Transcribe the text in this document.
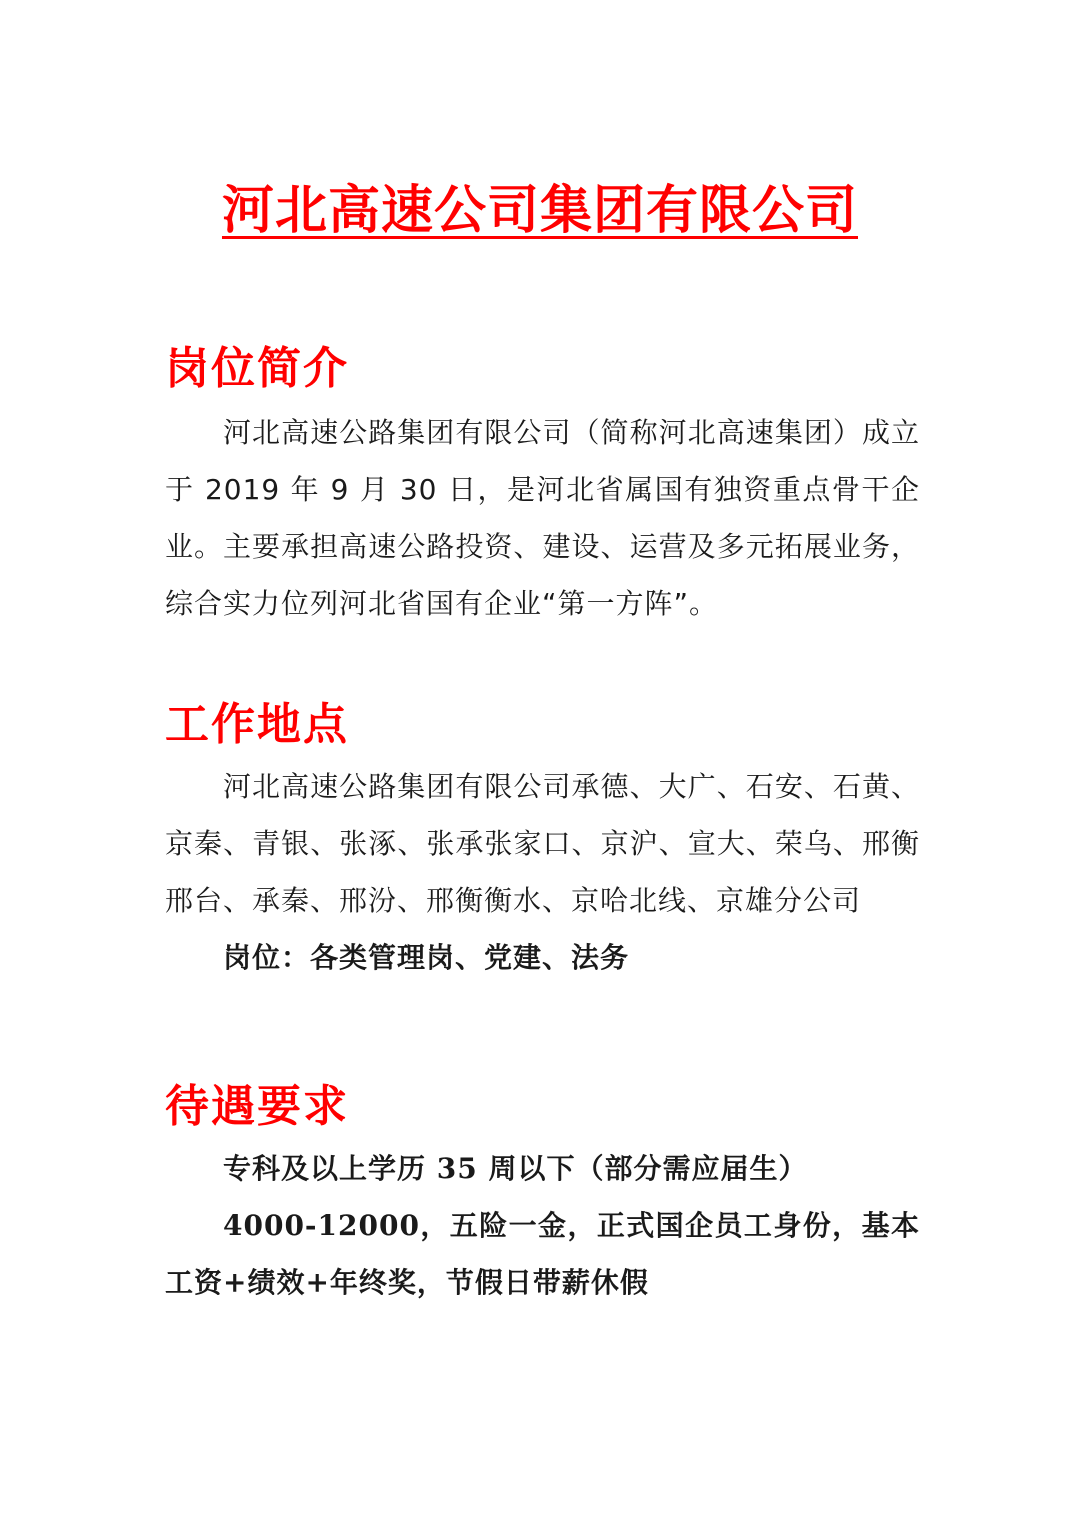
河北高速公司集团有限公司
岗位简介

河北高速公路集团有限公司（简称河北高速集团）成立于 2019 年 9 月 30 日，是河北省属国有独资重点骨干企业。 主要承担高速公路投资、建设、运营及多元拓展业务，综合实力位列河北省国有企业“第一方阵”。

工作地点

河北高速公路集团有限公司承德、大广、石安、石黄、京秦、青银、张涿、张承张家口、京沪、宣大、荣乌、邢衡邢台、承秦、邢汾、邢衡衡水、京哈北线、京雄分公司

岗位：各类管理岗、党建、法务

待遇要求

专科及以上学历 35 周以下（部分需应届生）

4000-12000，五险一金，正式国企员工身份，基本工资+绩效+年终奖，节假日带薪休假
